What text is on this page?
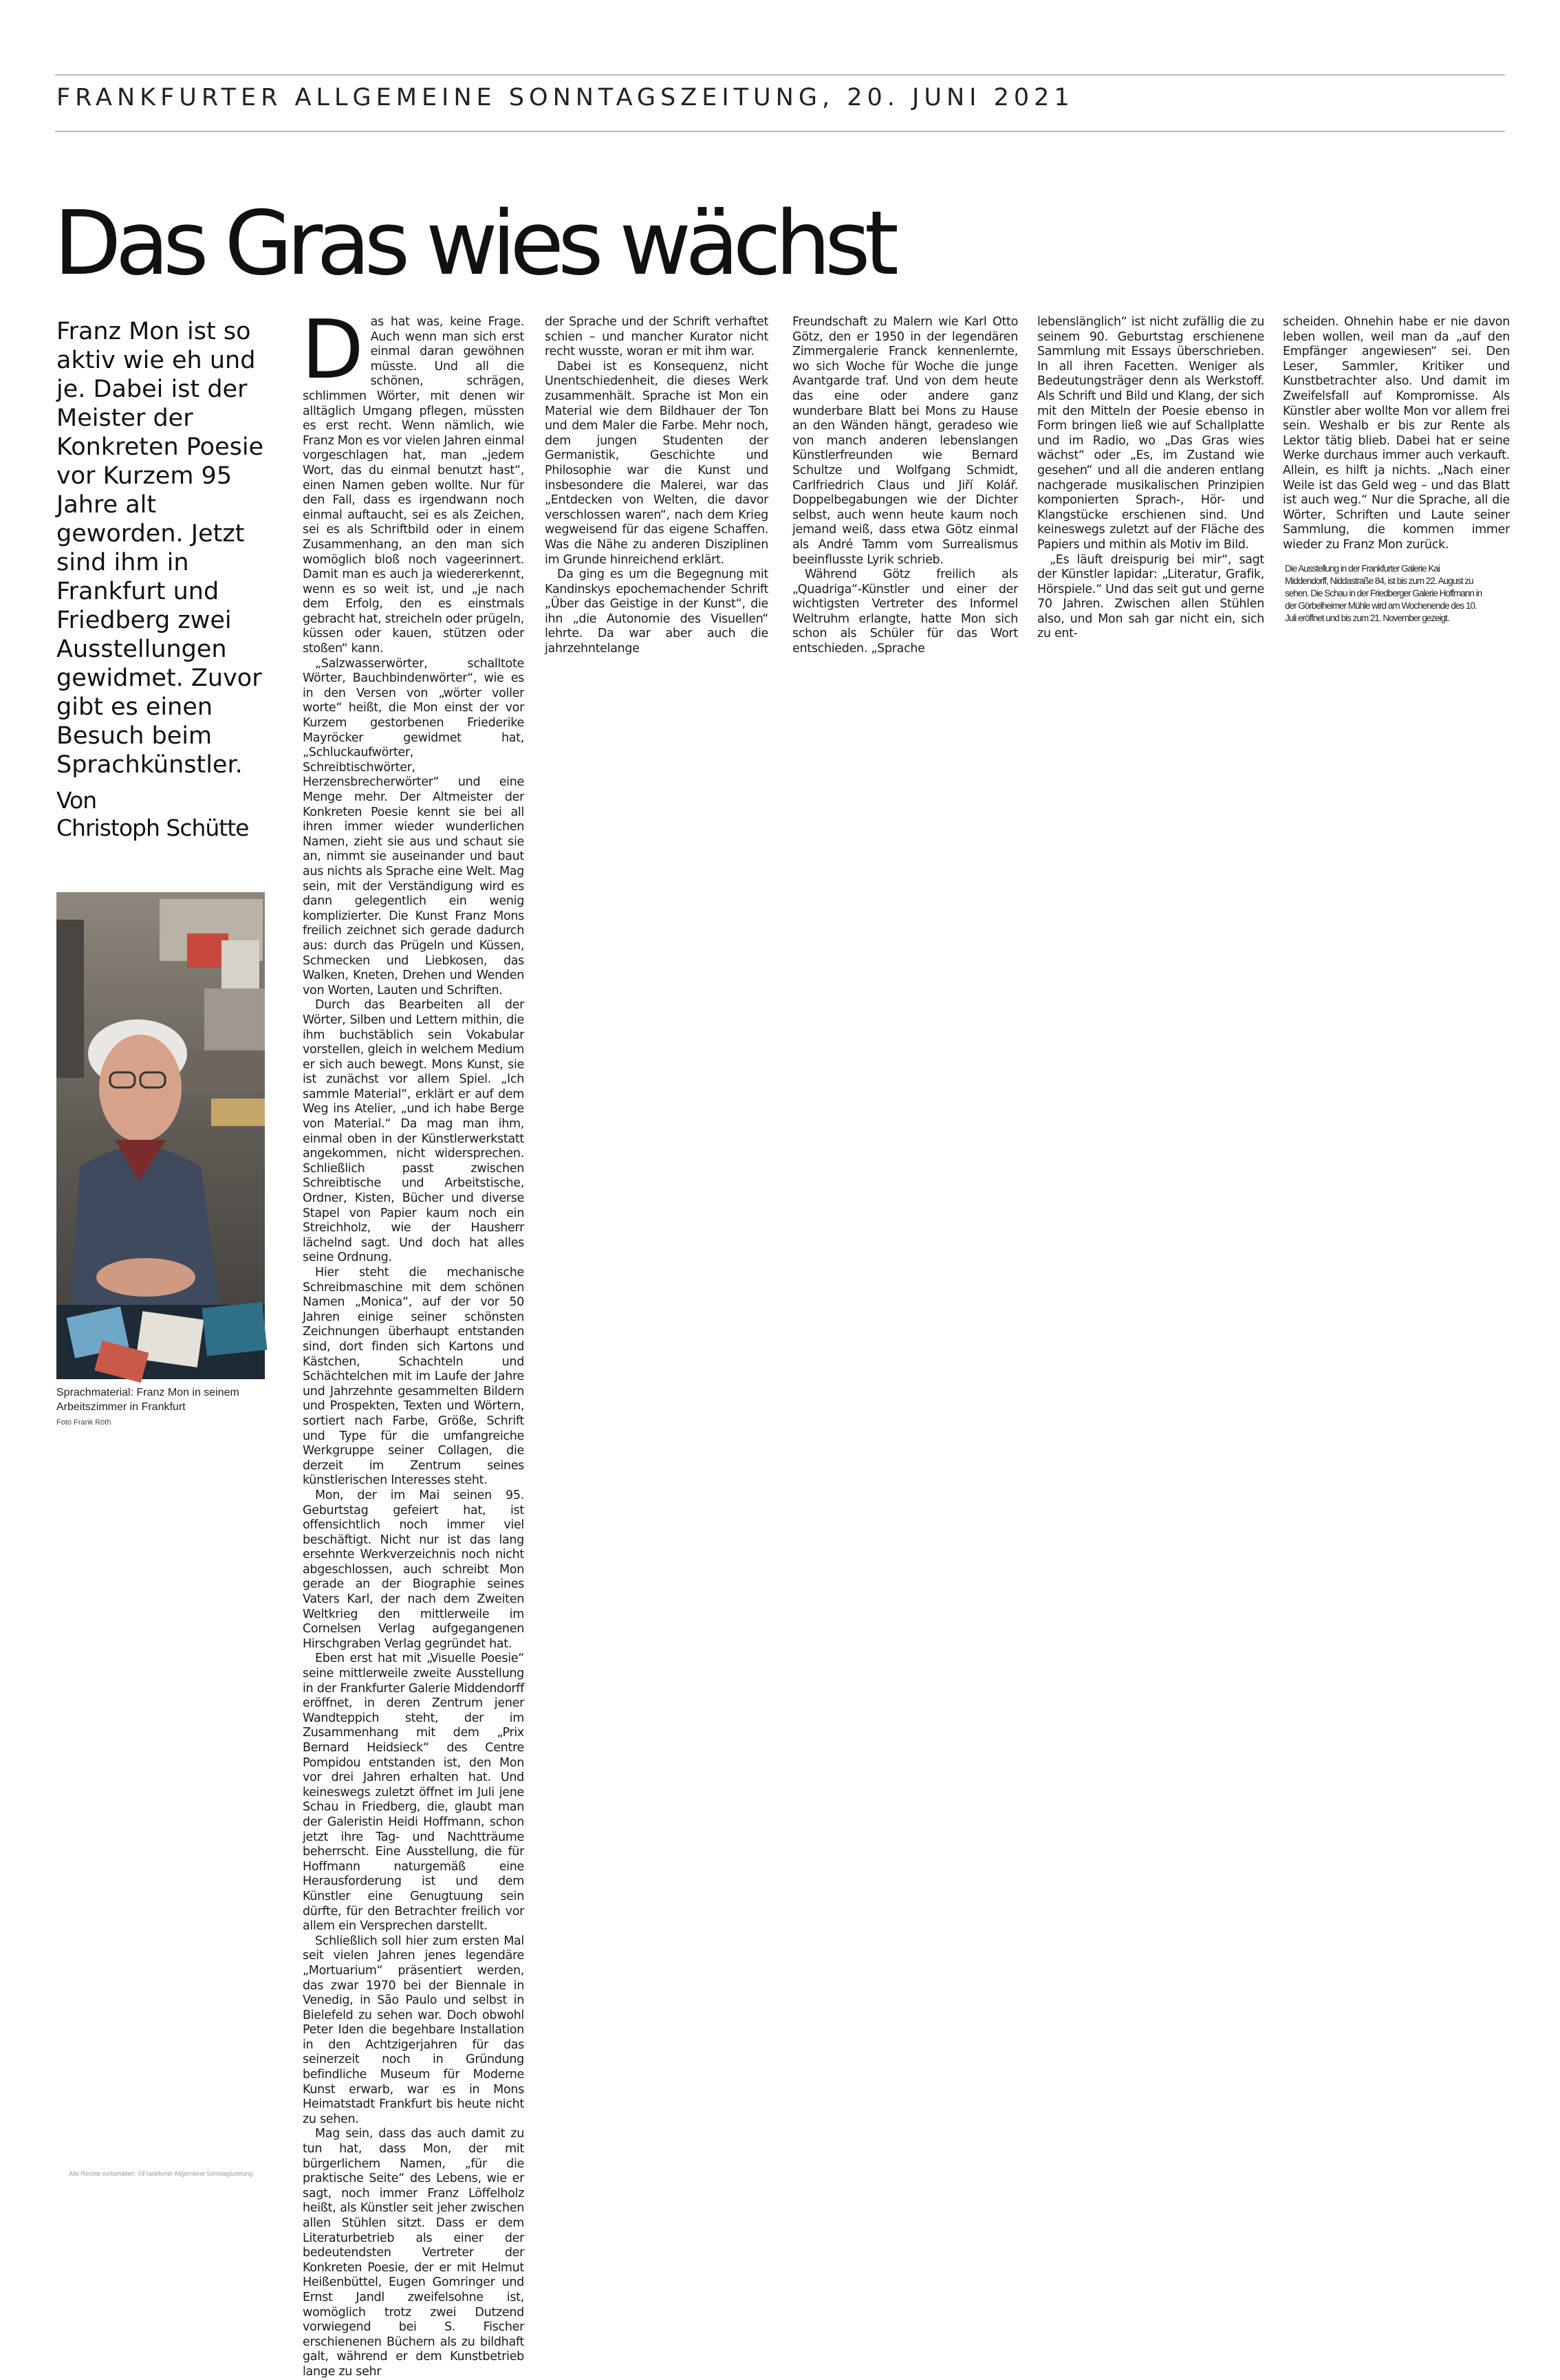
FRANKFURTER ALLGEMEINE SONNTAGSZEITUNG, 20. JUNI 2021
Das Gras wies wächst

Franz Mon ist so aktiv wie eh und je. Dabei ist der Meister der Konkreten Poesie vor Kurzem 95 Jahre alt geworden. Jetzt sind ihm in Frankfurt und Friedberg zwei Ausstellungen gewidmet. Zuvor gibt es einen Besuch beim Sprachkünstler.

Von
Christoph Schütte
Sprachmaterial: Franz Mon in seinem Arbeitszimmer in Frankfurt
Foto Frank Röth
D as hat was, keine Frage. Auch wenn man sich erst einmal daran gewöhnen müsste. Und all die schönen, schrägen, schlimmen Wörter, mit denen wir alltäglich Umgang pflegen, müssten es erst recht. Wenn nämlich, wie Franz Mon es vor vielen Jahren einmal vorgeschlagen hat, man „jedem Wort, das du einmal benutzt hast“, einen Namen geben wollte. Nur für den Fall, dass es irgendwann noch einmal auftaucht, sei es als Zeichen, sei es als Schriftbild oder in einem Zusammenhang, an den man sich womöglich bloß noch vageerinnert. Damit man es auch ja wiedererkennt, wenn es so weit ist, und „je nach dem Erfolg, den es einstmals gebracht hat, streicheln oder prügeln, küssen oder kauen, stützen oder stoßen“ kann.

„Salzwasserwörter, schalltote Wörter, Bauchbindenwörter“, wie es in den Versen von „wörter voller worte“ heißt, die Mon einst der vor Kurzem gestorbenen Friederike Mayröcker gewidmet hat, „Schluckaufwörter, Schreibtischwörter, Herzensbrecherwörter“ und eine Menge mehr. Der Altmeister der Konkreten Poesie kennt sie bei all ihren immer wieder wunderlichen Namen, zieht sie aus und schaut sie an, nimmt sie auseinander und baut aus nichts als Sprache eine Welt. Mag sein, mit der Verständigung wird es dann gelegentlich ein wenig komplizierter. Die Kunst Franz Mons freilich zeichnet sich gerade dadurch aus: durch das Prügeln und Küssen, Schmecken und Liebkosen, das Walken, Kneten, Drehen und Wenden von Worten, Lauten und Schriften.

Durch das Bearbeiten all der Wörter, Silben und Lettern mithin, die ihm buchstäblich sein Vokabular vorstellen, gleich in welchem Medium er sich auch bewegt. Mons Kunst, sie ist zunächst vor allem Spiel. „Ich sammle Material“, erklärt er auf dem Weg ins Atelier, „und ich habe Berge von Material.“ Da mag man ihm, einmal oben in der Künstlerwerkstatt angekommen, nicht widersprechen. Schließlich passt zwischen Schreibtische und Arbeitstische, Ordner, Kisten, Bücher und diverse Stapel von Papier kaum noch ein Streichholz, wie der Hausherr lächelnd sagt. Und doch hat alles seine Ordnung.

Hier steht die mechanische Schreibmaschine mit dem schönen Namen „Monica“, auf der vor 50 Jahren einige seiner schönsten Zeichnungen überhaupt entstanden sind, dort finden sich Kartons und Kästchen, Schachteln und Schächtelchen mit im Laufe der Jahre und Jahrzehnte gesammelten Bildern und Prospekten, Texten und Wörtern, sortiert nach Farbe, Größe, Schrift und Type für die umfangreiche Werkgruppe seiner Collagen, die derzeit im Zentrum seines künstlerischen Interesses steht.

Mon, der im Mai seinen 95. Geburtstag gefeiert hat, ist offensichtlich noch immer viel beschäftigt. Nicht nur ist das lang ersehnte Werkverzeichnis noch nicht abgeschlossen, auch schreibt Mon gerade an der Biographie seines Vaters Karl, der nach dem Zweiten Weltkrieg den mittlerweile im Cornelsen Verlag aufgegangenen Hirschgraben Verlag gegründet hat.

Eben erst hat mit „Visuelle Poesie“ seine mittlerweile zweite Ausstellung in der Frankfurter Galerie Middendorff eröffnet, in deren Zentrum jener Wandteppich steht, der im Zusammenhang mit dem „Prix Bernard Heidsieck“ des Centre Pompidou entstanden ist, den Mon vor drei Jahren erhalten hat. Und keineswegs zuletzt öffnet im Juli jene Schau in Friedberg, die, glaubt man der Galeristin Heidi Hoffmann, schon jetzt ihre Tag- und Nachtträume beherrscht. Eine Ausstellung, die für Hoffmann naturgemäß eine Herausforderung ist und dem Künstler eine Genugtuung sein dürfte, für den Betrachter freilich vor allem ein Versprechen darstellt.

Schließlich soll hier zum ersten Mal seit vielen Jahren jenes legendäre „Mortuarium“ präsentiert werden, das zwar 1970 bei der Biennale in Venedig, in São Paulo und selbst in Bielefeld zu sehen war. Doch obwohl Peter Iden die begehbare Installation in den Achtzigerjahren für das seinerzeit noch in Gründung befindliche Museum für Moderne Kunst erwarb, war es in Mons Heimatstadt Frankfurt bis heute nicht zu sehen.

Mag sein, dass das auch damit zu tun hat, dass Mon, der mit bürgerlichem Namen, „für die praktische Seite“ des Lebens, wie er sagt, noch immer Franz Löffelholz heißt, als Künstler seit jeher zwischen allen Stühlen sitzt. Dass er dem Literaturbetrieb als einer der bedeutendsten Vertreter der Konkreten Poesie, der er mit Helmut Heißenbüttel, Eugen Gomringer und Ernst Jandl zweifelsohne ist, womöglich trotz zwei Dutzend vorwiegend bei S. Fischer erschienenen Büchern als zu bildhaft galt, während er dem Kunstbetrieb lange zu sehr

der Sprache und der Schrift verhaftet schien – und mancher Kurator nicht recht wusste, woran er mit ihm war.

Dabei ist es Konsequenz, nicht Unentschiedenheit, die dieses Werk zusammenhält. Sprache ist Mon ein Material wie dem Bildhauer der Ton und dem Maler die Farbe. Mehr noch, dem jungen Studenten der Germanistik, Geschichte und Philosophie war die Kunst und insbesondere die Malerei, war das „Entdecken von Welten, die davor verschlossen waren“, nach dem Krieg wegweisend für das eigene Schaffen. Was die Nähe zu anderen Disziplinen im Grunde hinreichend erklärt.

Da ging es um die Begegnung mit Kandinskys epochemachender Schrift „Über das Geistige in der Kunst“, die ihn „die Autonomie des Visuellen“ lehrte. Da war aber auch die jahrzehntelange

Freundschaft zu Malern wie Karl Otto Götz, den er 1950 in der legendären Zimmergalerie Franck kennenlernte, wo sich Woche für Woche die junge Avantgarde traf. Und von dem heute das eine oder andere ganz wunderbare Blatt bei Mons zu Hause an den Wänden hängt, geradeso wie von manch anderen lebenslangen Künstlerfreunden wie Bernard Schultze und Wolfgang Schmidt, Carlfriedrich Claus und Jiří Kolář. Doppelbegabungen wie der Dichter selbst, auch wenn heute kaum noch jemand weiß, dass etwa Götz einmal als André Tamm vom Surrealismus beeinflusste Lyrik schrieb.

Während Götz freilich als „Quadriga“-Künstler und einer der wichtigsten Vertreter des Informel Weltruhm erlangte, hatte Mon sich schon als Schüler für das Wort entschieden. „Sprache

lebenslänglich“ ist nicht zufällig die zu seinem 90. Geburtstag erschienene Sammlung mit Essays überschrieben. In all ihren Facetten. Weniger als Bedeutungsträger denn als Werkstoff. Als Schrift und Bild und Klang, der sich mit den Mitteln der Poesie ebenso in Form bringen ließ wie auf Schallplatte und im Radio, wo „Das Gras wies wächst“ oder „Es, im Zustand wie gesehen“ und all die anderen entlang nachgerade musikalischen Prinzipien komponierten Sprach-, Hör- und Klangstücke erschienen sind. Und keineswegs zuletzt auf der Fläche des Papiers und mithin als Motiv im Bild.

„Es läuft dreispurig bei mir“, sagt der Künstler lapidar: „Literatur, Grafik, Hörspiele.“ Und das seit gut und gerne 70 Jahren. Zwischen allen Stühlen also, und Mon sah gar nicht ein, sich zu ent-

scheiden. Ohnehin habe er nie davon leben wollen, weil man da „auf den Empfänger angewiesen“ sei. Den Leser, Sammler, Kritiker und Kunstbetrachter also. Und damit im Zweifelsfall auf Kompromisse. Als Künstler aber wollte Mon vor allem frei sein. Weshalb er bis zur Rente als Lektor tätig blieb. Dabei hat er seine Werke durchaus immer auch verkauft. Allein, es hilft ja nichts. „Nach einer Weile ist das Geld weg – und das Blatt ist auch weg.“ Nur die Sprache, all die Wörter, Schriften und Laute seiner Sammlung, die kommen immer wieder zu Franz Mon zurück.

Die Ausstellung in der Frankfurter Galerie Kai Middendorff, Niddastraße 84, ist bis zum 22. August zu sehen. Die Schau in der Friedberger Galerie Hoffmann in der Görbelheimer Mühle wird am Wochenende des 10. Juli eröffnet und bis zum 21. November gezeigt.
Alle Rechte vorbehalten. ©Frankfurter Allgemeine Sonntagszeitung.
